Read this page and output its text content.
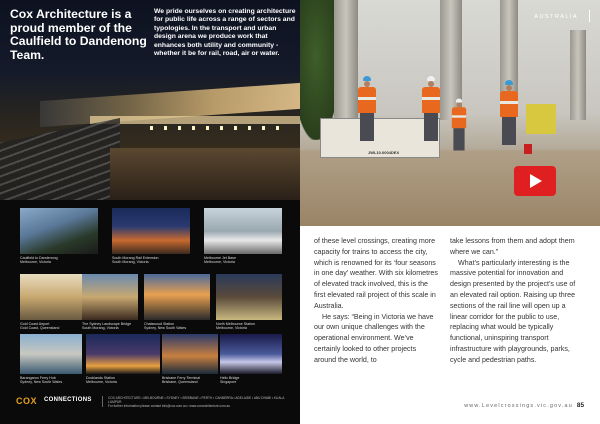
Cox Architecture is a proud member of the Caulfield to Dandenong Team.
We pride ourselves on creating architecture for public life across a range of sectors and typologies. In the transport and urban design arena we produce work that enhances both utility and community - whether it be for rail, road, air or water.
Caulfield to Dandenong
Melbourne, Victoria
South Morang Rail Extension
South Morang, Victoria
Melbourne Jet Base
Melbourne, Victoria
Gold Coast Airport
Gold Coast, Queensland
The Sydney Landscape Bridge
South Morang, Victoria
Chatswood Station
Sydney, New South Wales
North Melbourne Station
Melbourne, Victoria
Barangaroo Ferry Hub
Sydney, New South Wales
Docklands Station
Melbourne, Victoria
Brisbane Ferry Terminal
Brisbane, Queensland
Helix Bridge
Singapore
COX CONNECTIONS	COX ARCHITECTURE • MELBOURNE • SYDNEY • BRISBANE • PERTH • CANBERRA • ADELAIDE • ABU DHABI • KUALA LUMPUR
For further information please contact info@cox.com.au • www.coxarchitecture.com.au
JWL10.0004DEX
AUSTRALIA

of these level crossings, creating more capacity for trains to access the city, which is renowned for its ‘four seasons in one day’ weather. With six kilometres of elevated track involved, this is the first elevated rail project of this scale in Australia.

He says: “Being in Victoria we have our own unique challenges with the operational environment. We’ve certainly looked to other projects around the world, to

take lessons from them and adopt them where we can.”

What’s particularly interesting is the massive potential for innovation and design presented by the project’s use of an elevated rail option. Raising up three sections of the rail line will open up a linear corridor for the public to use, replacing what would be typically functional, uninspiring transport infrastructure with playgrounds, parks, cycle and pedestrian paths.

www.Levelcrossings.vic.gov.au 85
